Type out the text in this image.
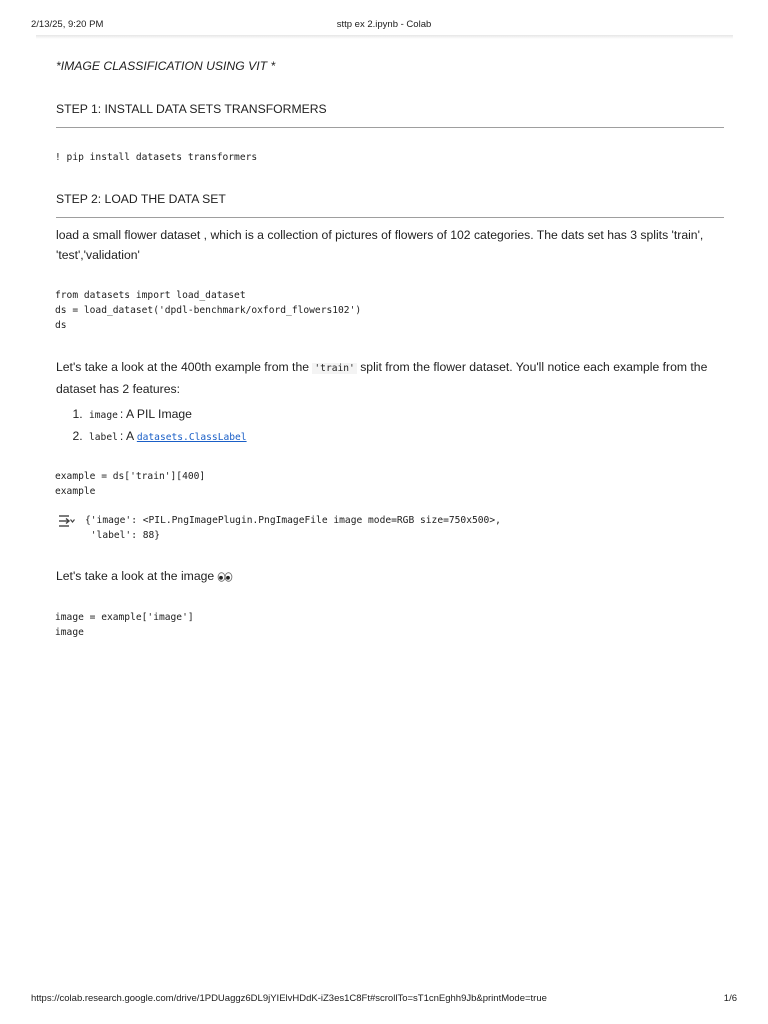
2/13/25, 9:20 PM	sttp ex 2.ipynb - Colab
*IMAGE CLASSIFICATION USING VIT *
STEP 1: INSTALL DATA SETS TRANSFORMERS
! pip install datasets transformers
STEP 2: LOAD THE DATA SET
load a small flower dataset , which is a collection of pictures of flowers of 102 categories. The dats set has 3 splits 'train', 'test','validation'
from datasets import load_dataset
ds = load_dataset('dpdl-benchmark/oxford_flowers102')
ds
Let's take a look at the 400th example from the 'train' split from the flower dataset. You'll notice each example from the dataset has 2 features:
1. image : A PIL Image
2. label : A datasets.ClassLabel
example = ds['train'][400]
example
{'image': <PIL.PngImagePlugin.PngImageFile image mode=RGB size=750x500>,
'label': 88}
Let's take a look at the image
image = example['image']
image
https://colab.research.google.com/drive/1PDUaggz6DL9jYIElvHDdK-iZ3es1C8Ft#scrollTo=sT1cnEghh9Jb&printMode=true	1/6
